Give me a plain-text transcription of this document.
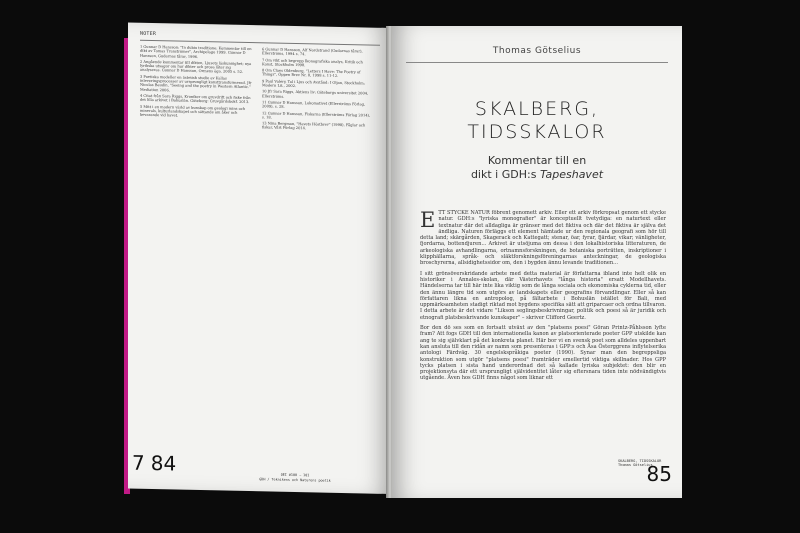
NOTER

1 Gunnar D Hansson: "In dubio traditione: Kommentar till en dikt av Tomas Tranströmer", Archipelago 1999. Gunnar D Hansson, Gudarnas tårar, 1996.

2 Angående kommentar till dikten, Ljusets läskunnighet; nya lyrikska utsagor om hur dikter och prosa låter sig analyseras. Gunnar D Hansson, Ormens öga. 2005 s. 52.

3 Poetiska modeller en ästetisk studie av Kallas inleveringsprocesser av ursprungligt konsttransformerad. Jfr Nicolas Baudin, "Seeing and the poetry in Western Atlantic." Mediation 2006.

4 Citat från Sara Riggs, Kroniker om gruvdrift och fiske från det lilla arkivet i Bohuslän. Göteborg: Gruvgårdsbokf. 2013.

5 Mitt i en modern värld av kunskap om geologi mins och minerals, kulturlandskapet och sättande om åker och bevarande vid havet.

6 Gunnar D Hansson, Alf Nordstrand (Gudarnas tårar), Ellerströms, 1994 s. 74.

7 Om vikt och begrepp Ikonografiska analys, Kritik och Konst, Stockholm 1998.

8 Om Claes Oldenburg, "Letters I Have: The Poetry of Things", Öppen Brev Nr. 8, 1998 s. 11-12.

9 Paul Valéry, Tal i Ljus och Avstånd: I Oljan, Stockholm: Modern Lit., 2002.

10 Jfr Sara Riggs, Aktiens liv: Göteborgs universitet 2004, Ellerströms.

11 Gunnar D Hansson, Lokomotivet (Ellerströms Förlag, 2009), s. 28.

12 Gunnar D Hansson, Fiskarna (Ellerströms Förlag 2014), s. 18.

13 Nina Bergman, "Havets Höstbrev" (1998), Fåglar och fiskar, Vårt Förlag 2014.

7 84	OEI #100 – 101
GDH / Teknikens och Naturens poetik
Thomas Götselius
SKALBERG,
TIDSSKALOR
Kommentar till en
dikt i GDH:s Tapeshavet

ETT STYCKE NATUR föbrent genomett arkiv. Eller ett arkiv förkropsat genom ett stycke natur. GDH:s "lyriska monografier" är konceptuellt tvetydiga: en naturtext eller textnatur där det alldagliga är gränser med det fiktiva och där det fiktiva är själva det ändliga. Naturen förläggs ett element hämtade ur den regionala geografi som hör till detta land; skärgården, Skagerack och Kattegatt; stenar, öar, fyrar, fjärdar, vikar; vänligheter, fjordarna, bottendjuren... Arkivet är utsöjuma om dessa i den lokalhistoriska litteraturen, de arkeologiska avhandlingarna, ortnamnsforskningen, de botaniska porträtten, inskriptioner i klipphällarna, språk- och släktforskningsföreningarnas anteckningar, de geologiska broschyrerna, allsidighetssidor om, den i bygden ännu levande traditionen...

I sitt grönsöverskridande arbete med detta material är författarna ibland inte helt olik en historiker i Annales-skolan, där Västerhavets "långa historia" ersatt Modellhavets. Händelserna tar till här inte lika viktig som de långa sociala och ekonomiska cyklerna tid, eller den ännu längre tid som utgörs av landskapets eller geografins förvandlingar. Eller så kan författaren likna en antropolog, på fältarbete i Bohuslän istället för Bali, med uppmärksamheten stadigt riktad mot bygdens specifika sätt att griparcaer och ordna tillvaron. I detta arbete är det vidare "Likson seglingsbeskrivningar, politik och poesi så är juridik och etnografi platsbeskrivande kunskaper" – skriver Clifford Geertz.

Bor den dö ses som en fortsatt utväxt av den "platsens poesi" Göran Printz-Påhlsson lyfte fram? Att fogs GDH till den internationella kanon av platsorienterade poeter GPP utskilde kan ang te sig självklart på det konkreta planet. Här bor vi en svensk poet som alldeles uppenbart kan ansluta till den ridån av namn som presenteras i GPP:s och Åsa Österggrens inflytelserika antologi Färdväg. 30 engelskspråkiga poeter (1990). Synar man den begreppsliga konstruktion som utgör "platsens poesi" framträder emellertid viktiga skillnader. Hos GPP tycks platsen i sista hand underordnad det så kallade lyriska subjektet: den blir en projektionsyta där ett ursprungligt självidentitet låter sig eftersnara tiden inte nödvändigtvis utgående. Även hos GDH finns något som liknar ett

SKALBERG, TIDSSKALOR
Thomas Götselius
85
